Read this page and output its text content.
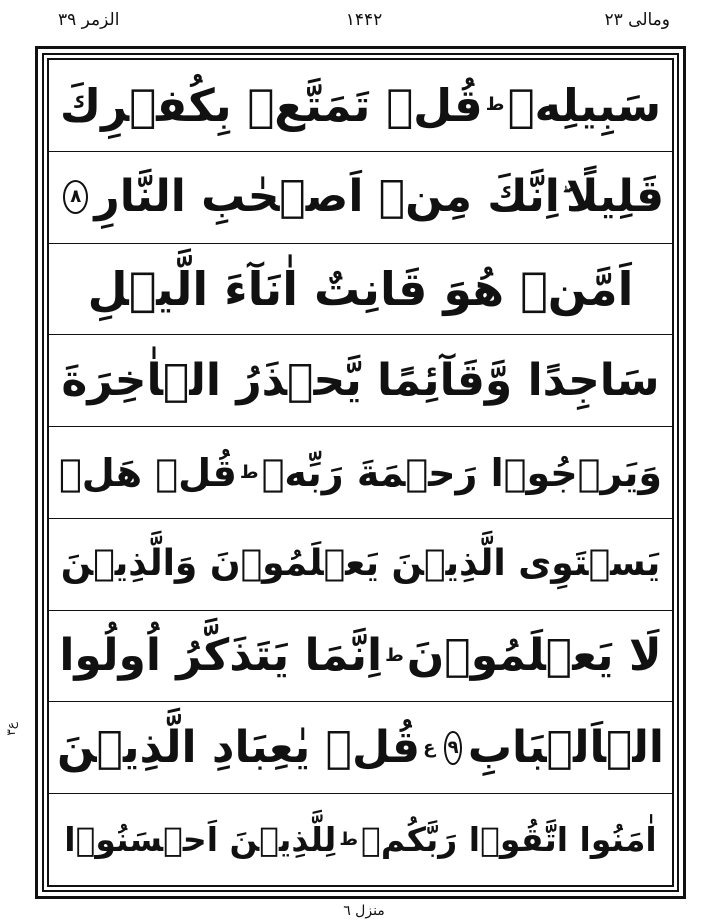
الزمر ٣٩	١۴۴٢	ومالی ٢٣
ع۳
سَبِيلِهٖ
ط
قُلۡ تَمَتَّعۡ بِكُفۡرِكَ
قَلِيلًا
اِنَّكَ مِنۡ اَصۡحٰبِ النَّارِ
٨
اَمَّنۡ هُوَ قَانِتٌ اٰنَآءَ الَّيۡلِ
سَاجِدًا وَّقَآئِمًا يَّحۡذَرُ الۡاٰخِرَةَ
وَيَرۡجُوۡا رَحۡمَةَ رَبِّهٖ
ط
قُلۡ هَلۡ
يَسۡتَوِى الَّذِيۡنَ يَعۡلَمُوۡنَ وَالَّذِيۡنَ
لَا يَعۡلَمُوۡنَ
ط
اِنَّمَا يَتَذَكَّرُ اُولُوا
الۡاَلۡبَابِ
٩
ع
قُلۡ يٰعِبَادِ الَّذِيۡنَ
اٰمَنُوا اتَّقُوۡا رَبَّكُمۡ
ط
لِلَّذِيۡنَ اَحۡسَنُوۡا
منزل ٦
